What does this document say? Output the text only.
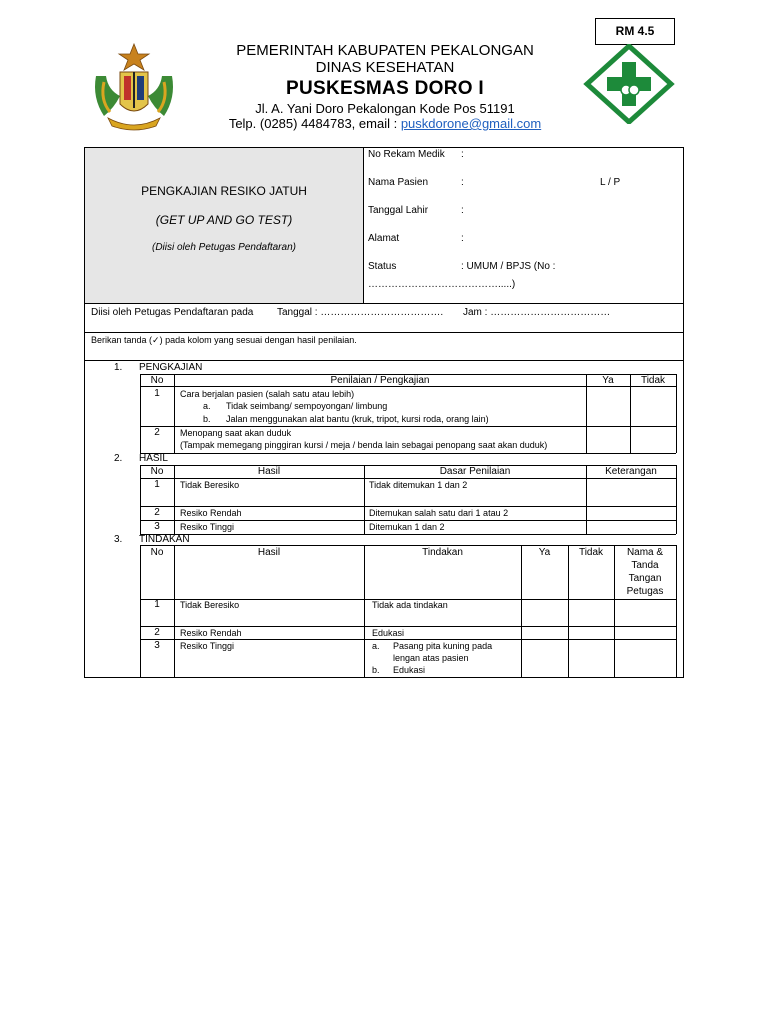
RM 4.5
PEMERINTAH KABUPATEN PEKALONGAN
DINAS KESEHATAN
PUSKESMAS DORO I
Jl. A. Yani Doro Pekalongan Kode Pos 51191
Telp. (0285) 4484783, email : puskdorone@gmail.com
PENGKAJIAN RESIKO JATUH
(GET UP AND GO TEST)
(Diisi oleh Petugas Pendaftaran)
No Rekam Medik :
Nama Pasien	:	L / P
Tanggal Lahir	:
Alamat	:
Status	: UMUM / BPJS (No :
………………………………….....)
Diisi oleh Petugas Pendaftaran pada Tanggal : ………………………………. Jam : ………………………………
Berikan tanda (✓) pada kolom yang sesuai dengan hasil penilaian.
1. PENGKAJIAN
No	Penilaian / Pengkajian	Ya	Tidak
1	Cara berjalan pasien (salah satu atau lebih)
a. Tidak seimbang/ sempoyongan/ limbung
b. Jalan menggunakan alat bantu (kruk, tripot, kursi roda, orang lain)
2	Menopang saat akan duduk
(Tampak memegang pinggiran kursi / meja / benda lain sebagai penopang saat akan duduk)
2. HASIL
No	Hasil	Dasar Penilaian	Keterangan
1	Tidak Beresiko	Tidak ditemukan 1 dan 2
2	Resiko Rendah	Ditemukan salah satu dari 1 atau 2
3	Resiko Tinggi	Ditemukan 1 dan 2
3. TINDAKAN
No	Hasil	Tindakan	Ya	Tidak	Nama &
Tanda
Tangan
Petugas
1	Tidak Beresiko	Tidak ada tindakan
2	Resiko Rendah	Edukasi
3	Resiko Tinggi	a. Pasang pita kuning pada
lengan atas pasien
b. Edukasi
